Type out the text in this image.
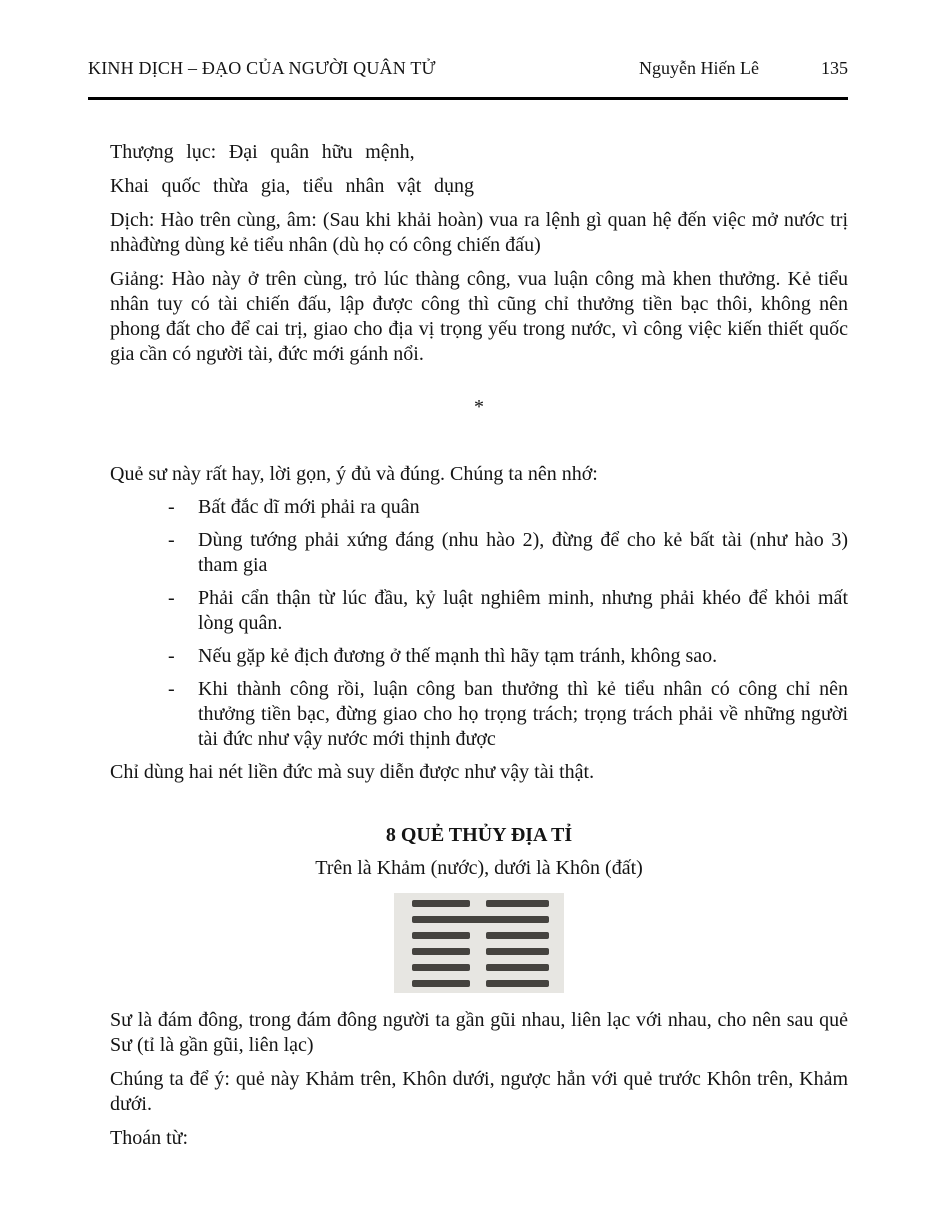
KINH DỊCH – ĐẠO CỦA NGƯỜI QUÂN TỬ	Nguyễn Hiến Lê	135

Thượng lục: Đại quân hữu mệnh,

Khai quốc thừa gia, tiểu nhân vật dụng

Dịch: Hào trên cùng, âm: (Sau khi khải hoàn) vua ra lệnh gì quan hệ đến việc mở nước trị nhàđừng dùng kẻ tiểu nhân (dù họ có công chiến đấu)

Giảng: Hào này ở trên cùng, trỏ lúc thàng công, vua luận công mà khen thưởng. Kẻ tiểu nhân tuy có tài chiến đấu, lập được công thì cũng chỉ thưởng tiền bạc thôi, không nên phong đất cho để cai trị, giao cho địa vị trọng yếu trong nước, vì công việc kiến thiết quốc gia cần có người tài, đức mới gánh nổi.

*

Quẻ sư này rất hay, lời gọn, ý đủ và đúng. Chúng ta nên nhớ:

-	Bất đắc dĩ mới phải ra quân
-	Dùng tướng phải xứng đáng (nhu hào 2), đừng để cho kẻ bất tài (như hào 3) tham gia
-	Phải cẩn thận từ lúc đầu, kỷ luật nghiêm minh, nhưng phải khéo để khỏi mất lòng quân.
-	Nếu gặp kẻ địch đương ở thế mạnh thì hãy tạm tránh, không sao.
-	Khi thành công rồi, luận công ban thưởng thì kẻ tiểu nhân có công chỉ nên thưởng tiền bạc, đừng giao cho họ trọng trách; trọng trách phải về những người tài đức như vậy nước mới thịnh được

Chỉ dùng hai nét liền đức mà suy diễn được như vậy tài thật.

8 QUẺ THỦY ĐỊA TỈ
Trên là Khảm (nước), dưới là Khôn (đất)

Sư là đám đông, trong đám đông người ta gần gũi nhau, liên lạc với nhau, cho nên sau quẻ Sư (tỉ là gần gũi, liên lạc)

Chúng ta để ý: quẻ này Khảm trên, Khôn dưới, ngược hẳn với quẻ trước Khôn trên, Khảm dưới.

Thoán từ:
